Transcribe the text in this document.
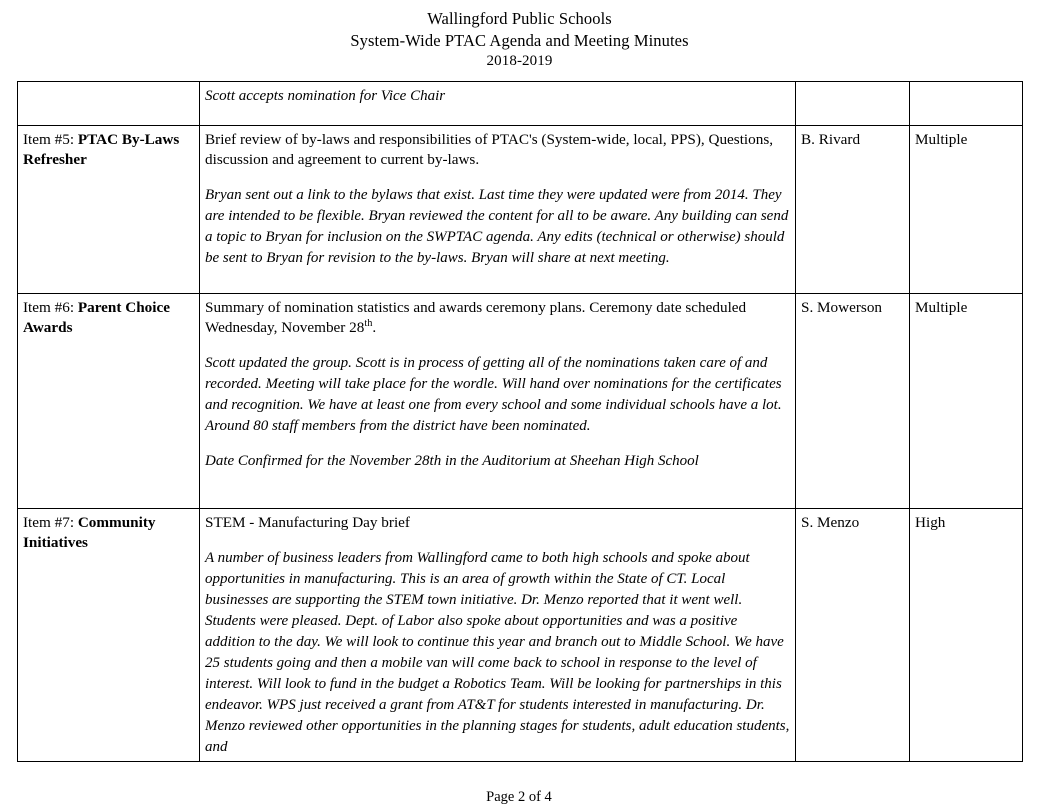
Wallingford Public Schools
System-Wide PTAC Agenda and Meeting Minutes
2018-2019
	Scott accepts nomination for Vice Chair		
Item #5: PTAC By-Laws Refresher	Brief review of by-laws and responsibilities of PTAC's (System-wide, local, PPS), Questions, discussion and agreement to current by-laws.
Bryan sent out a link to the bylaws that exist. Last time they were updated were from 2014. They are intended to be flexible. Bryan reviewed the content for all to be aware. Any building can send a topic to Bryan for inclusion on the SWPTAC agenda. Any edits (technical or otherwise) should be sent to Bryan for revision to the by-laws. Bryan will share at next meeting.	B. Rivard	Multiple
Item #6: Parent Choice Awards	Summary of nomination statistics and awards ceremony plans. Ceremony date scheduled Wednesday, November 28th.
Scott updated the group. Scott is in process of getting all of the nominations taken care of and recorded. Meeting will take place for the wordle. Will hand over nominations for the certificates and recognition. We have at least one from every school and some individual schools have a lot. Around 80 staff members from the district have been nominated.
Date Confirmed for the November 28th in the Auditorium at Sheehan High School	S. Mowerson	Multiple
Item #7: Community Initiatives	STEM - Manufacturing Day brief
A number of business leaders from Wallingford came to both high schools and spoke about opportunities in manufacturing. This is an area of growth within the State of CT. Local businesses are supporting the STEM town initiative. Dr. Menzo reported that it went well. Students were pleased. Dept. of Labor also spoke about opportunities and was a positive addition to the day. We will look to continue this year and branch out to Middle School. We have 25 students going and then a mobile van will come back to school in response to the level of interest. Will look to fund in the budget a Robotics Team. Will be looking for partnerships in this endeavor. WPS just received a grant from AT&T for students interested in manufacturing. Dr. Menzo reviewed other opportunities in the planning stages for students, adult education students, and	S. Menzo	High
Page 2 of 4
